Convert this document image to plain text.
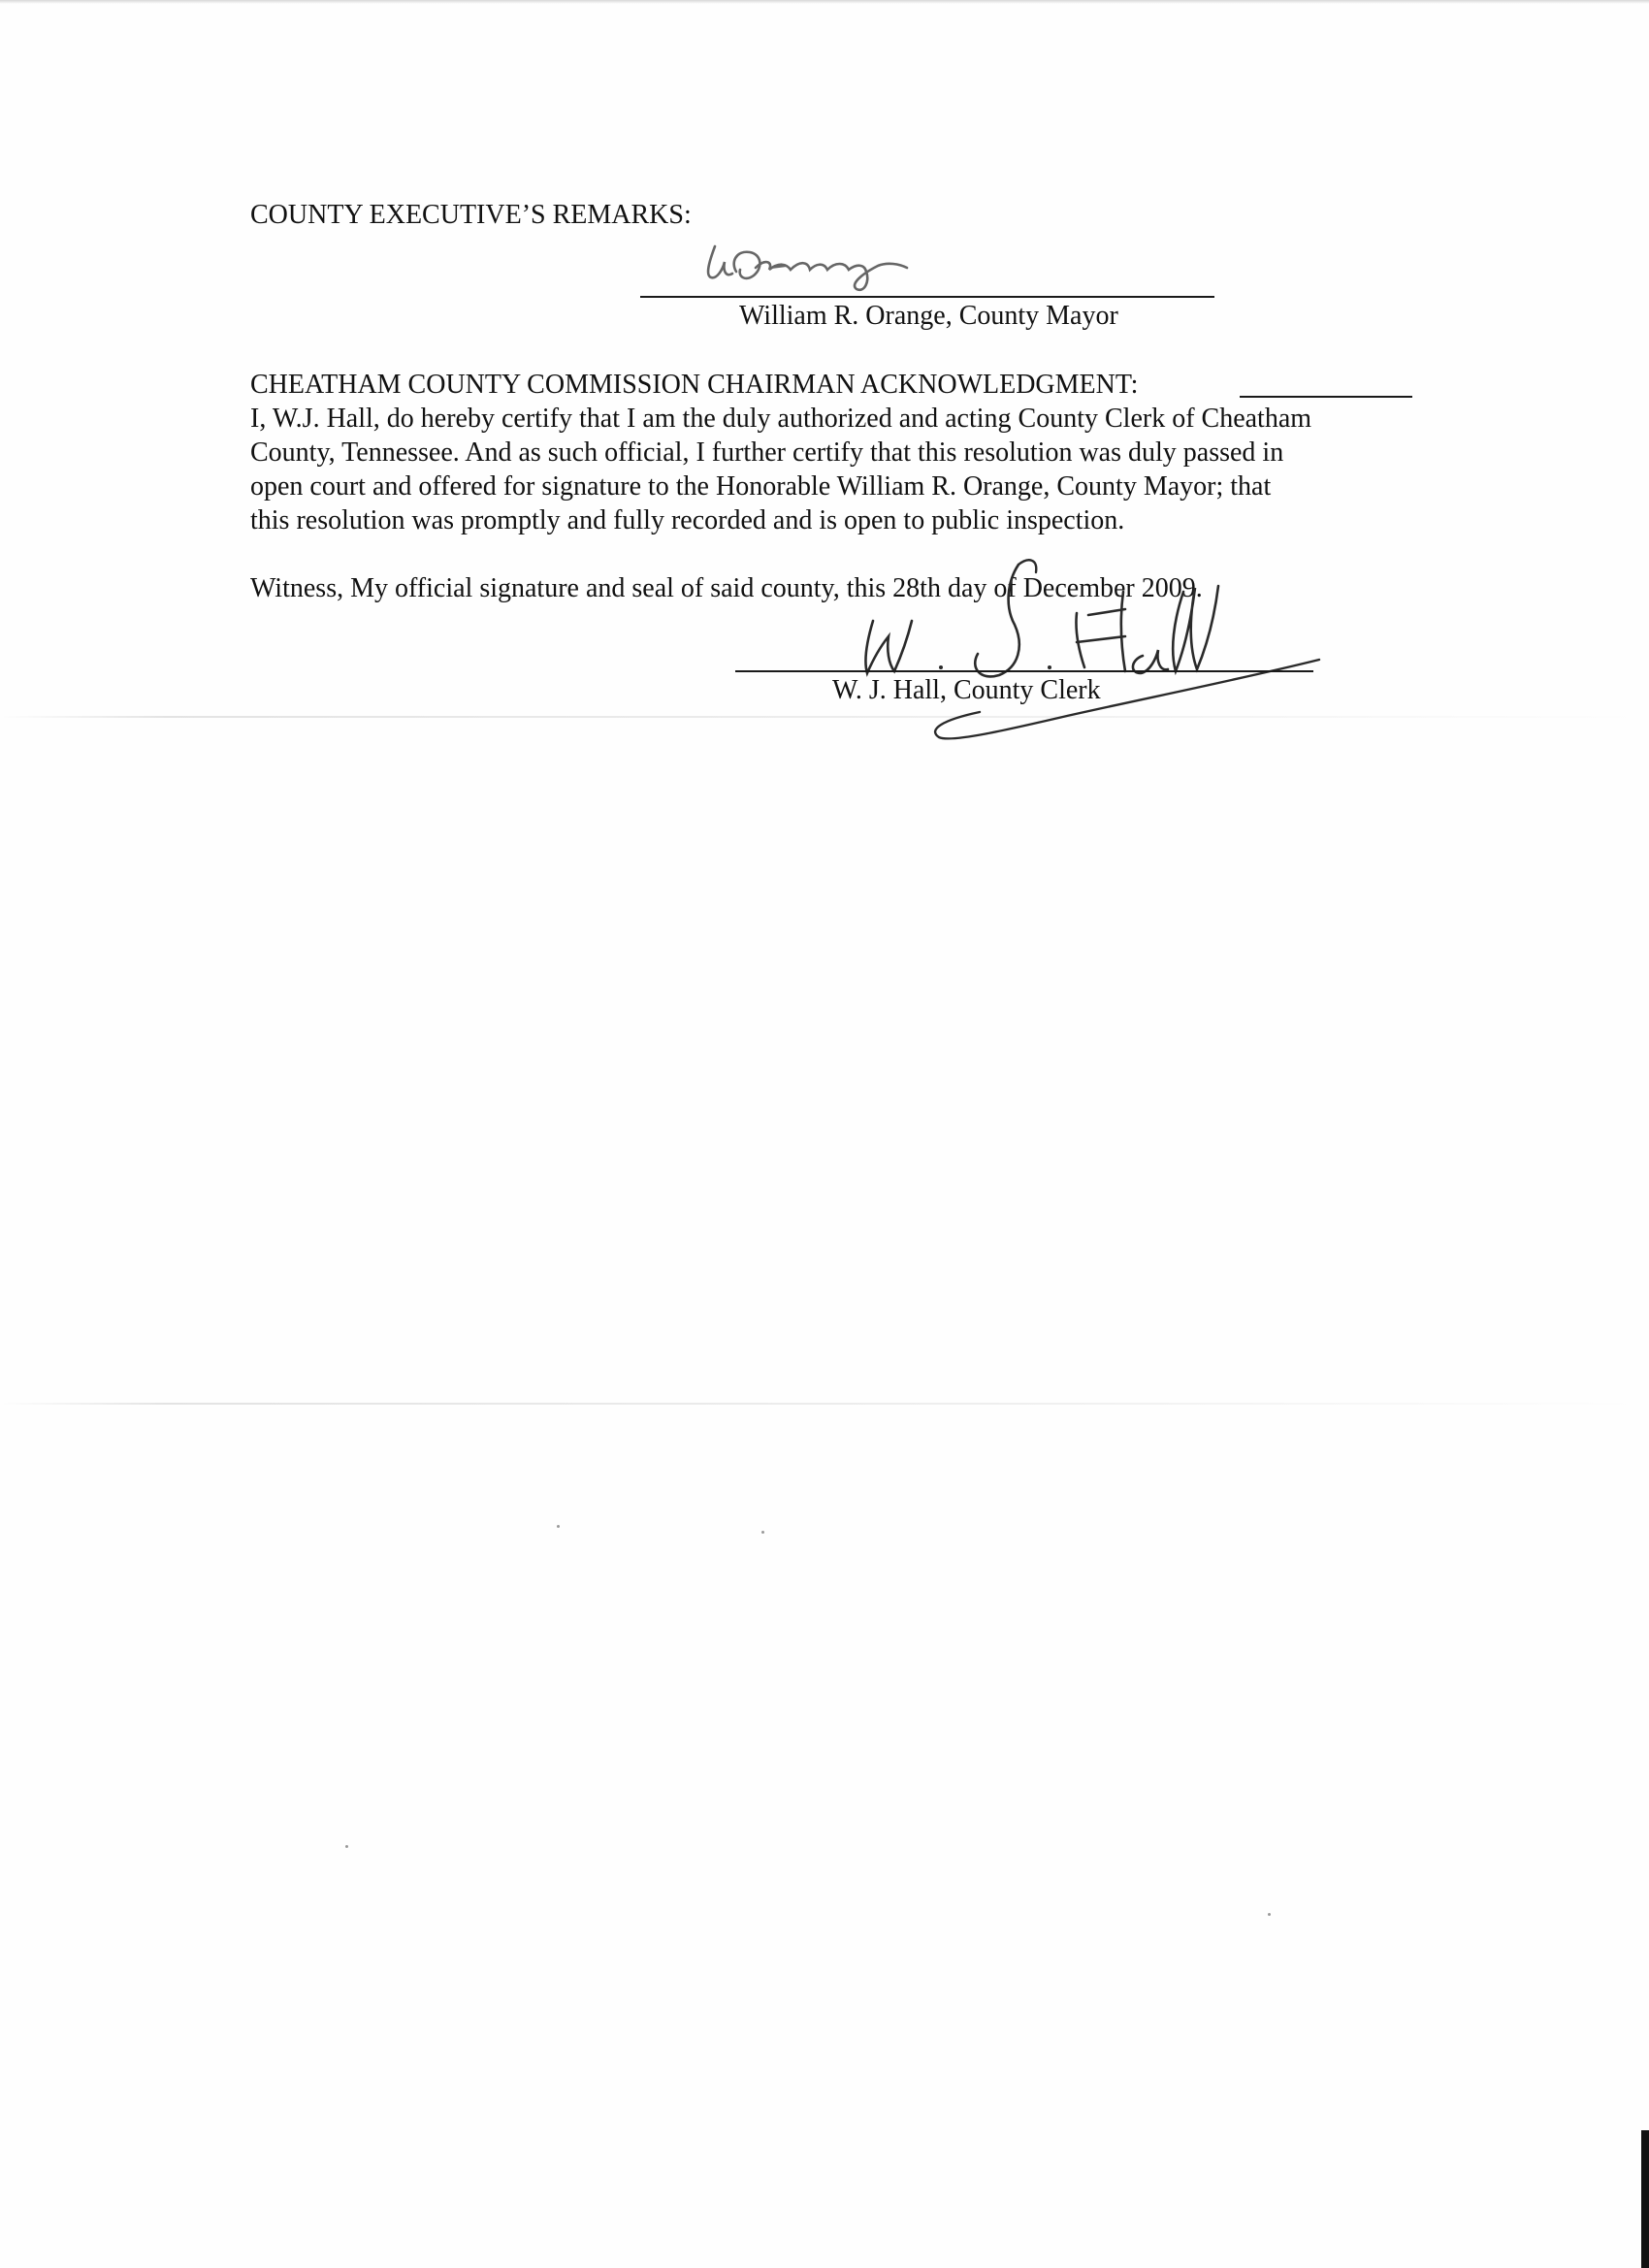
COUNTY EXECUTIVE’S REMARKS:
William R. Orange, County Mayor
CHEATHAM COUNTY COMMISSION CHAIRMAN ACKNOWLEDGMENT:
I, W.J. Hall, do hereby certify that I am the duly authorized and acting County Clerk of Cheatham
County, Tennessee. And as such official, I further certify that this resolution was duly passed in
open court and offered for signature to the Honorable William R. Orange, County Mayor; that
this resolution was promptly and fully recorded and is open to public inspection.
Witness, My official signature and seal of said county, this 28th day of December 2009.
W. J. Hall, County Clerk
